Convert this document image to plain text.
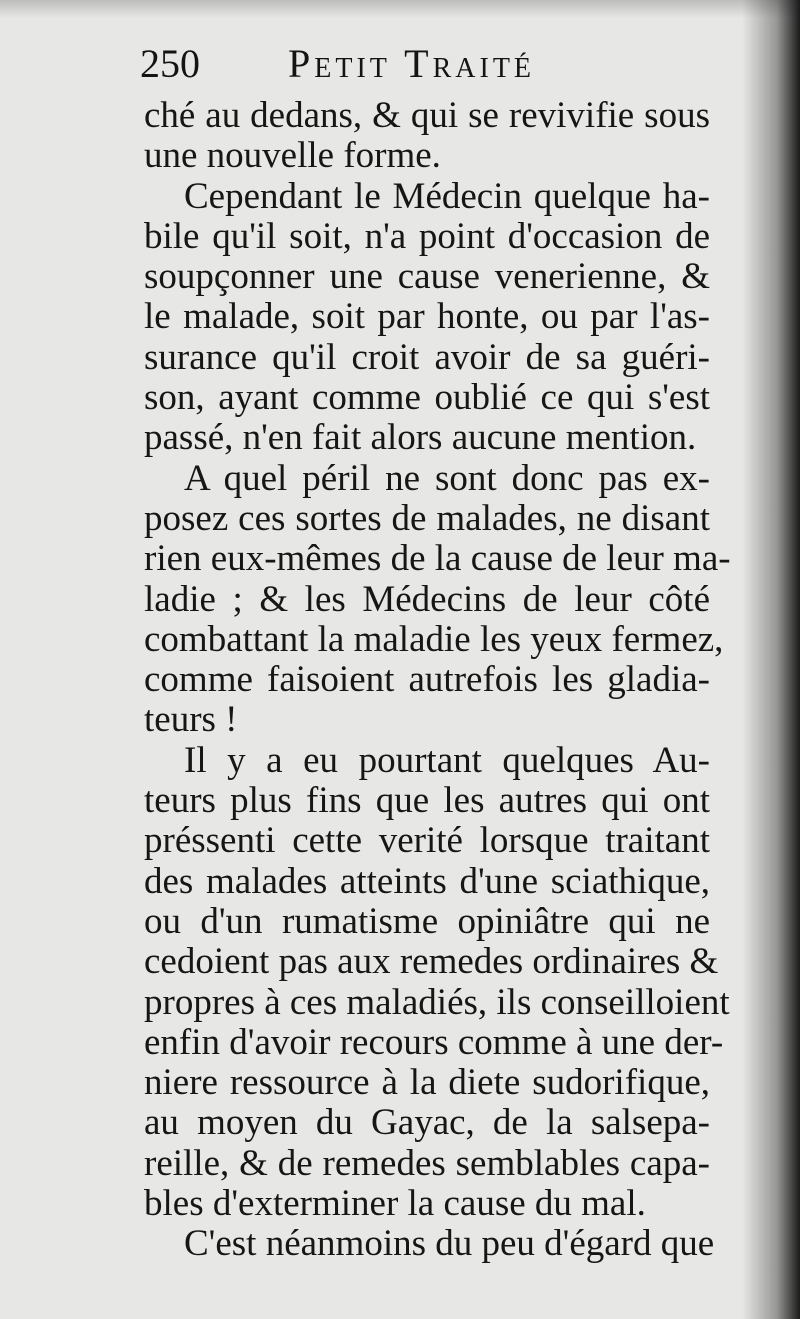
250 Petit Traité
ché au dedans, & qui se revivifie sous
une nouvelle forme.
Cependant le Médecin quelque ha-
bile qu'il soit, n'a point d'occasion de
soupçonner une cause venerienne, &
le malade, soit par honte, ou par l'as-
surance qu'il croit avoir de sa guéri-
son, ayant comme oublié ce qui s'est
passé, n'en fait alors aucune mention.
A quel péril ne sont donc pas ex-
posez ces sortes de malades, ne disant
rien eux-mêmes de la cause de leur ma-
ladie ; & les Médecins de leur côté
combattant la maladie les yeux fermez,
comme faisoient autrefois les gladia-
teurs !
Il y a eu pourtant quelques Au-
teurs plus fins que les autres qui ont
préssenti cette verité lorsque traitant
des malades atteints d'une sciathique,
ou d'un rumatisme opiniâtre qui ne
cedoient pas aux remedes ordinaires &
propres à ces maladiés, ils conseilloient
enfin d'avoir recours comme à une der-
niere ressource à la diete sudorifique,
au moyen du Gayac, de la salsepa-
reille, & de remedes semblables capa-
bles d'exterminer la cause du mal.
C'est néanmoins du peu d'égard que
